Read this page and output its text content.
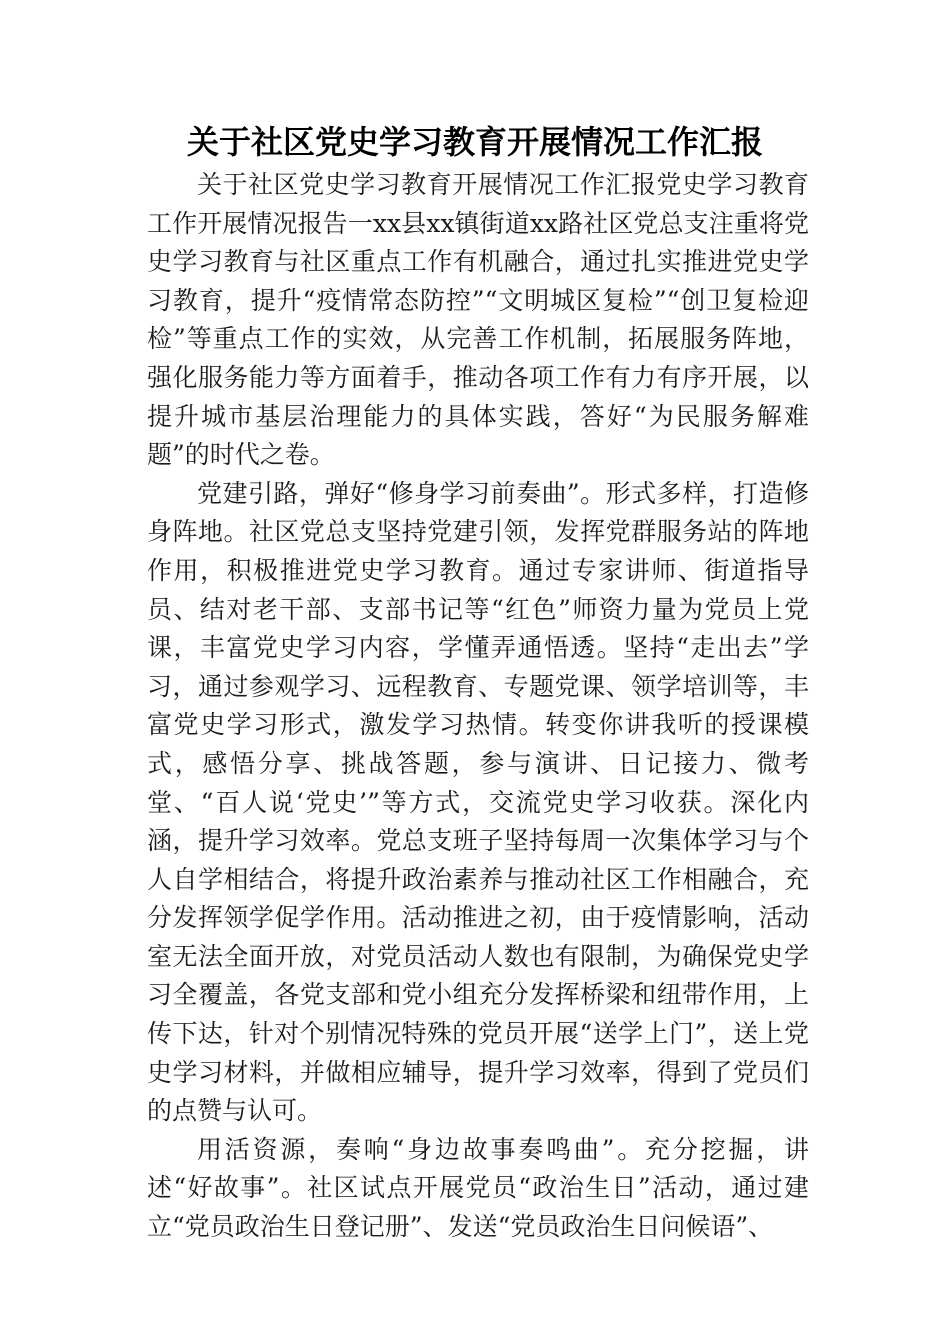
关于社区党史学习教育开展情况工作汇报

关于社区党史学习教育开展情况工作汇报党史学习教育工作开展情况报告一xx县xx镇街道xx路社区党总支注重将党史学习教育与社区重点工作有机融合，通过扎实推进党史学习教育，提升“疫情常态防控”“文明城区复检”“创卫复检迎检”等重点工作的实效，从完善工作机制，拓展服务阵地，强化服务能力等方面着手，推动各项工作有力有序开展，以提升城市基层治理能力的具体实践，答好“为民服务解难题”的时代之卷。

党建引路，弹好“修身学习前奏曲”。形式多样，打造修身阵地。社区党总支坚持党建引领，发挥党群服务站的阵地作用，积极推进党史学习教育。通过专家讲师、街道指导员、结对老干部、支部书记等“红色”师资力量为党员上党课，丰富党史学习内容，学懂弄通悟透。坚持“走出去”学习，通过参观学习、远程教育、专题党课、领学培训等，丰富党史学习形式，激发学习热情。转变你讲我听的授课模式，感悟分享、挑战答题，参与演讲、日记接力、微考堂、“百人说‘党史’”等方式，交流党史学习收获。深化内涵，提升学习效率。党总支班子坚持每周一次集体学习与个人自学相结合，将提升政治素养与推动社区工作相融合，充分发挥领学促学作用。活动推进之初，由于疫情影响，活动室无法全面开放，对党员活动人数也有限制，为确保党史学习全覆盖，各党支部和党小组充分发挥桥梁和纽带作用，上传下达，针对个别情况特殊的党员开展“送学上门”，送上党史学习材料，并做相应辅导，提升学习效率，得到了党员们的点赞与认可。

用活资源，奏响“身边故事奏鸣曲”。充分挖掘，讲述“好故事”。社区试点开展党员“政治生日”活动，通过建立“党员政治生日登记册”、发送“党员政治生日问候语”、
